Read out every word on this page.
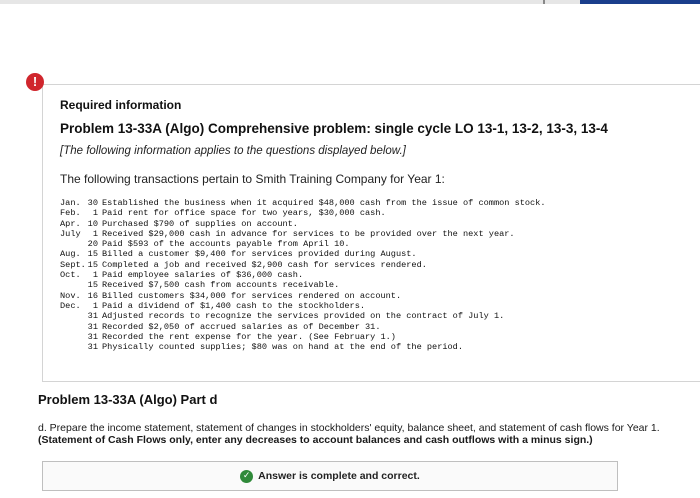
!
Required information
Problem 13-33A (Algo) Comprehensive problem: single cycle LO 13-1, 13-2, 13-3, 13-4
[The following information applies to the questions displayed below.]
The following transactions pertain to Smith Training Company for Year 1:
Jan. 30 Established the business when it acquired $48,000 cash from the issue of common stock.
Feb.	1 Paid rent for office space for two years, $30,000 cash.
Apr. 10 Purchased $790 of supplies on account.
July	1 Received $29,000 cash in advance for services to be provided over the next year.
20 Paid $593 of the accounts payable from April 10.
Aug. 15 Billed a customer $9,400 for services provided during August.
Sept. 15 Completed a job and received $2,900 cash for services rendered.
Oct.	1 Paid employee salaries of $36,000 cash.
15 Received $7,500 cash from accounts receivable.
Nov. 16 Billed customers $34,000 for services rendered on account.
Dec.	1 Paid a dividend of $1,400 cash to the stockholders.
31 Adjusted records to recognize the services provided on the contract of July 1.
31 Recorded $2,050 of accrued salaries as of December 31.
31 Recorded the rent expense for the year. (See February 1.)
31 Physically counted supplies; $80 was on hand at the end of the period.
Problem 13-33A (Algo) Part d
d. Prepare the income statement, statement of changes in stockholders' equity, balance sheet, and statement of cash flows for Year 1.
(Statement of Cash Flows only, enter any decreases to account balances and cash outflows with a minus sign.)
✓ Answer is complete and correct.
